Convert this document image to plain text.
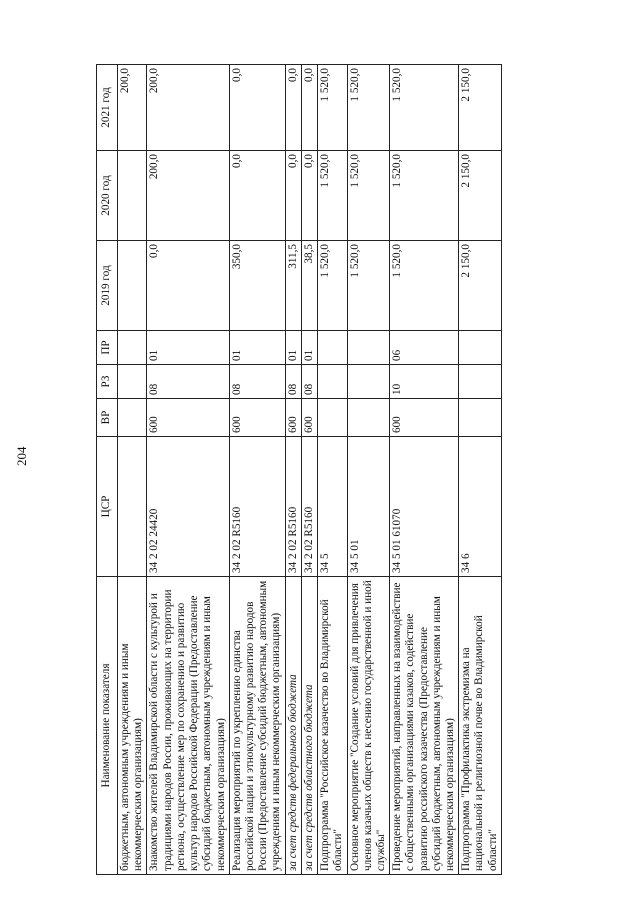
204
Наименование показателя	ЦСР	ВР	РЗ	ПР	2019 год	2020 год	2021 год
бюджетным, автономным учреждениям и иным некоммерческим организациям)							200,0
Знакомство жителей Владимирской области с культурой и традициями народов России, проживающих на территории региона, осуществление мер по сохранению и развитию культур народов Российской Федерации (Предоставление субсидий бюджетным, автономным учреждениям и иным некоммерческим организациям)	34 2 02 24420	600	08	01	0,0	200,0	200,0
Реализация мероприятий по укреплению единства российской нации и этнокультурному развитию народов России (Предоставление субсидий бюджетным, автономным учреждениям и иным некоммерческим организациям)	34 2 02 R5160	600	08	01	350,0	0,0	0,0
за счет средств федерального бюджета	34 2 02 R5160	600	08	01	311,5	0,0	0,0
за счет средств областного бюджета	34 2 02 R5160	600	08	01	38,5	0,0	0,0
Подпрограмма "Российское казачество во Владимирской области"	34 5				1 520,0	1 520,0	1 520,0
Основное мероприятие "Создание условий для привлечения членов казачьих обществ к несению государственной и иной службы"	34 5 01				1 520,0	1 520,0	1 520,0
Проведение мероприятий, направленных на взаимодействие с общественными организациями казаков, содействие развитию российского казачества (Предоставление субсидий бюджетным, автономным учреждениям и иным некоммерческим организациям)	34 5 01 61070	600	10	06	1 520,0	1 520,0	1 520,0
Подпрограмма "Профилактика экстремизма на национальной и религиозной почве во Владимирской области"	34 6				2 150,0	2 150,0	2 150,0
